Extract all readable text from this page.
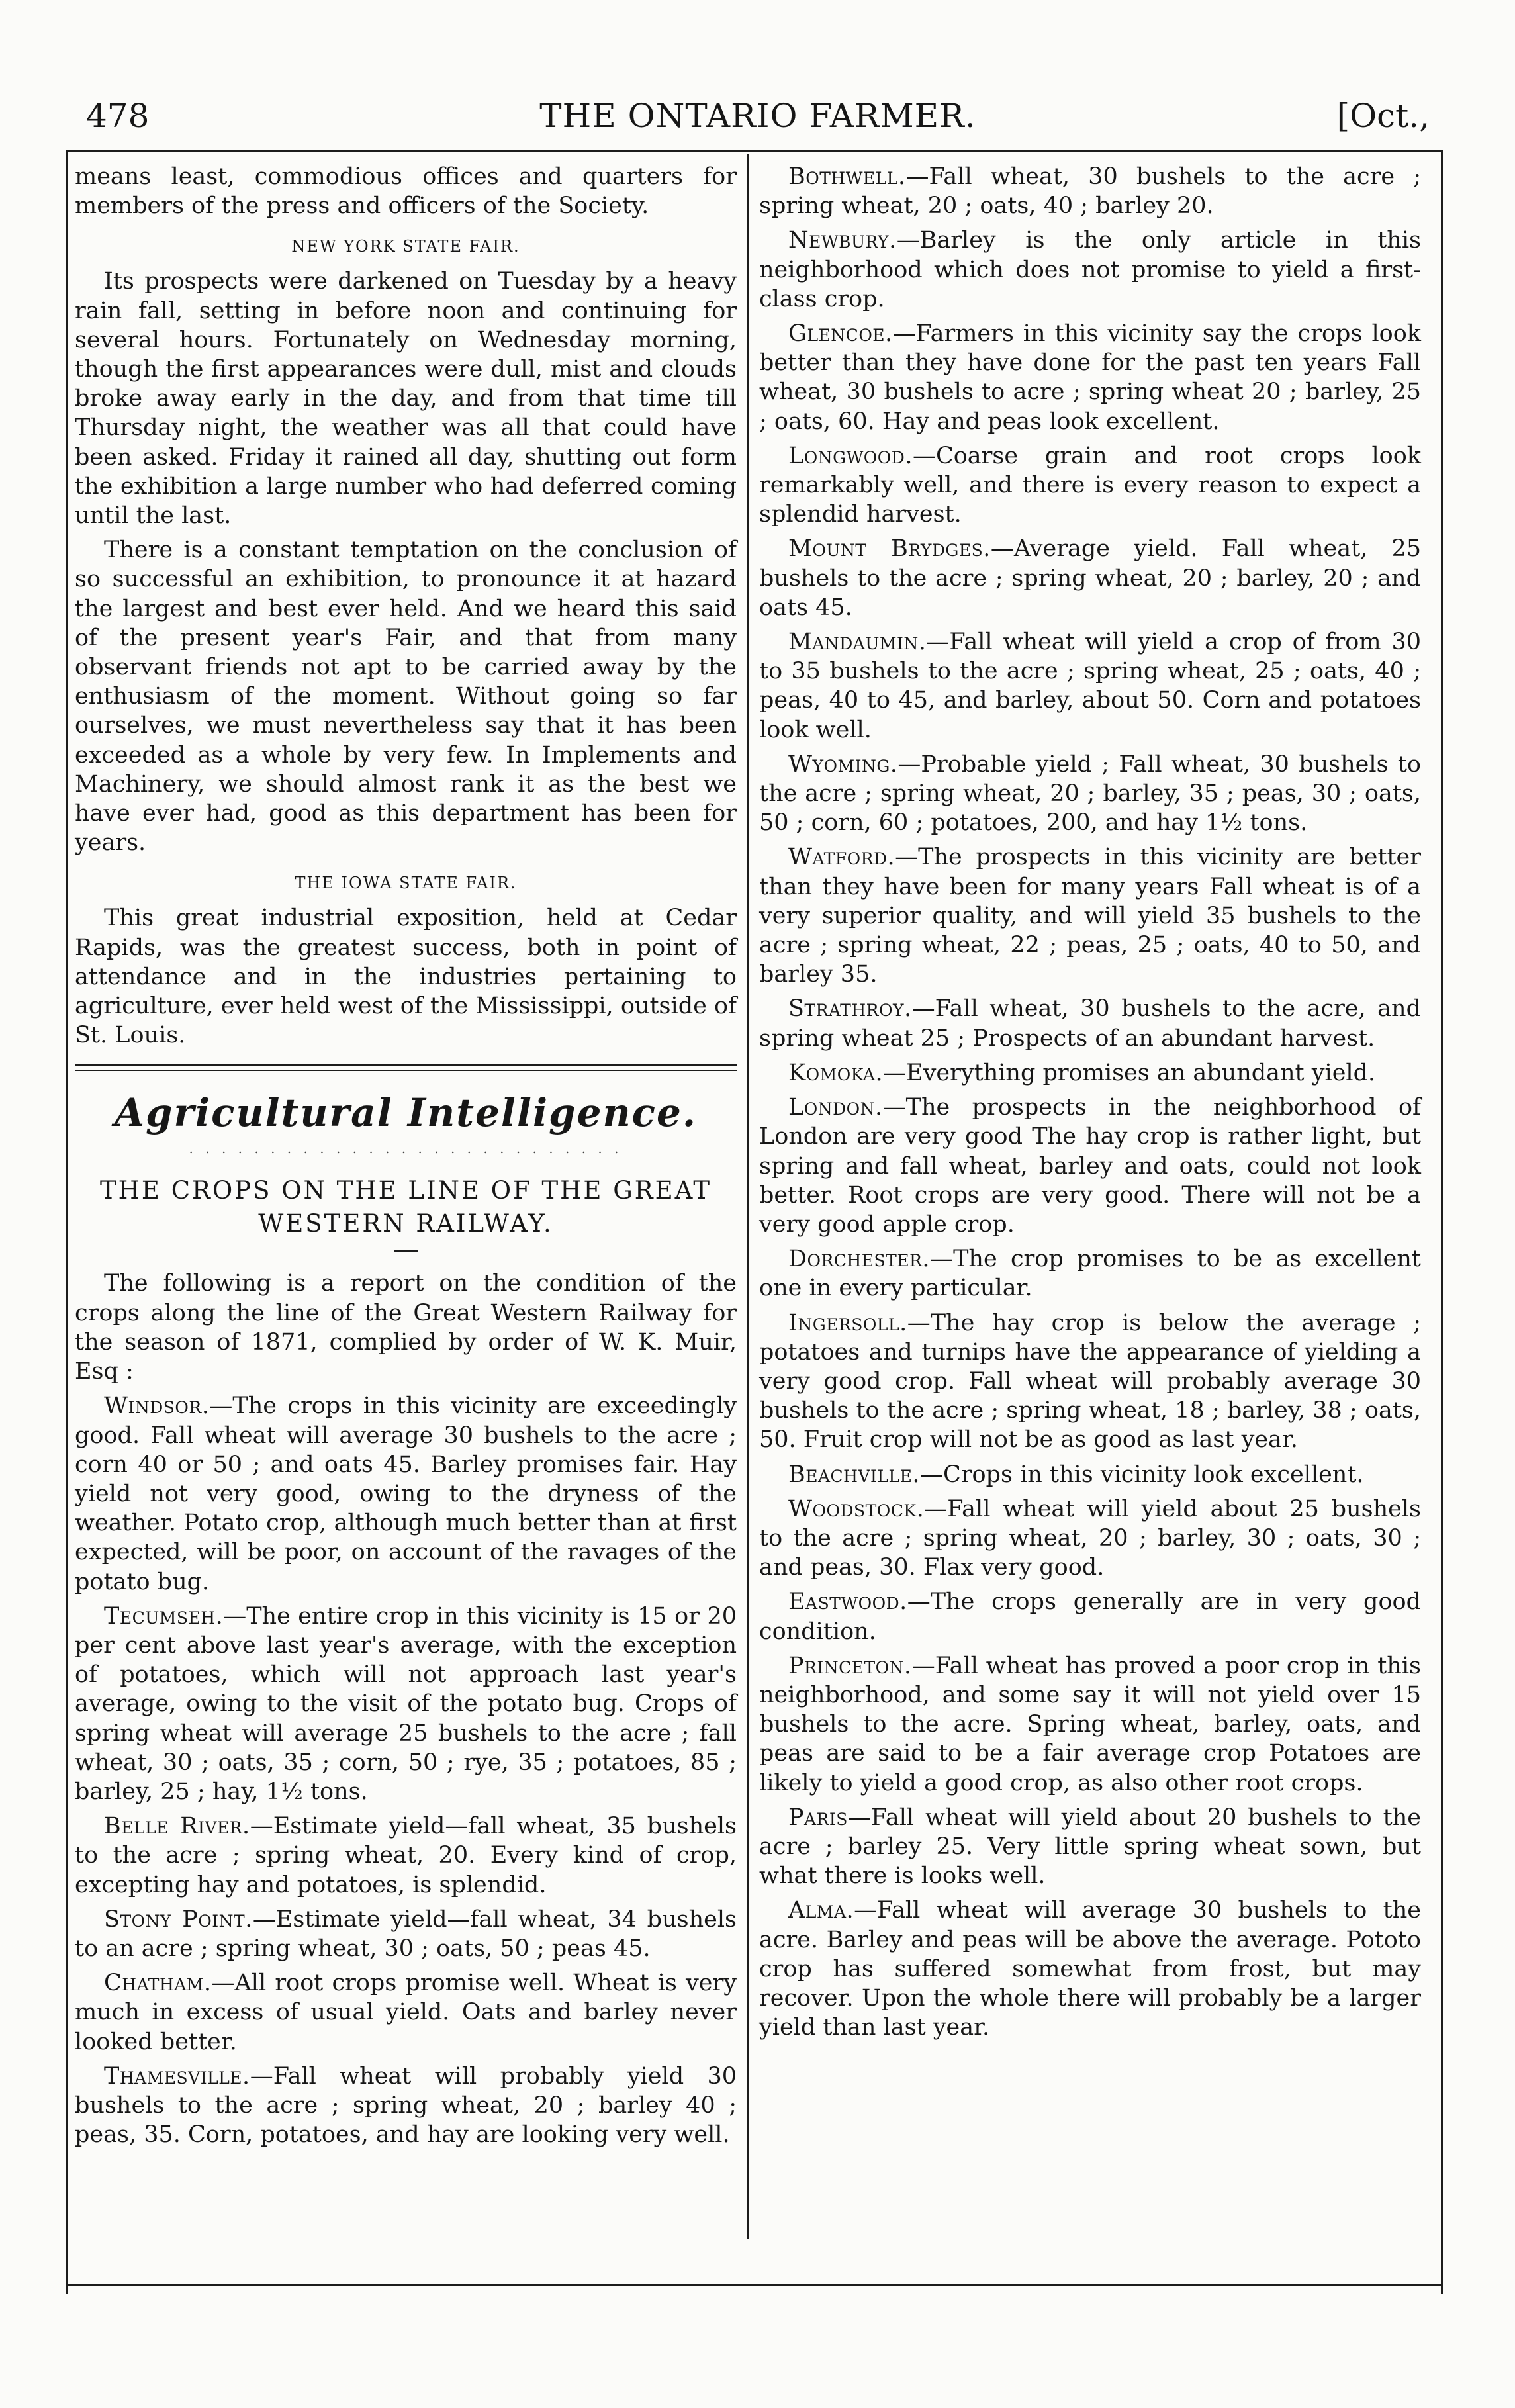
478	THE ONTARIO FARMER.	[Oct.,

means least, commodious offices and quarters for members of the press and officers of the Society.

NEW YORK STATE FAIR.

Its prospects were darkened on Tuesday by a heavy rain fall, setting in before noon and continuing for several hours. Fortunately on Wednesday morning, though the first appearances were dull, mist and clouds broke away early in the day, and from that time till Thursday night, the weather was all that could have been asked. Friday it rained all day, shutting out form the exhibition a large number who had deferred coming until the last.

There is a constant temptation on the conclusion of so successful an exhibition, to pronounce it at hazard the largest and best ever held. And we heard this said of the present year's Fair, and that from many observant friends not apt to be carried away by the enthusiasm of the moment. Without going so far ourselves, we must nevertheless say that it has been exceeded as a whole by very few. In Implements and Machinery, we should almost rank it as the best we have ever had, good as this department has been for years.

THE IOWA STATE FAIR.

This great industrial exposition, held at Cedar Rapids, was the greatest success, both in point of attendance and in the industries pertaining to agriculture, ever held west of the Mississippi, outside of St. Louis.

Agricultural Intelligence.
. . . . . . . . . . . . . . . . . . . . . . . . . . .
THE CROPS ON THE LINE OF THE GREAT WESTERN RAILWAY.

The following is a report on the condition of the crops along the line of the Great Western Railway for the season of 1871, complied by order of W. K. Muir, Esq :

Windsor.—The crops in this vicinity are exceedingly good. Fall wheat will average 30 bushels to the acre ; corn 40 or 50 ; and oats 45. Barley promises fair. Hay yield not very good, owing to the dryness of the weather. Potato crop, although much better than at first expected, will be poor, on account of the ravages of the potato bug.

Tecumseh.—The entire crop in this vicinity is 15 or 20 per cent above last year's average, with the exception of potatoes, which will not approach last year's average, owing to the visit of the potato bug. Crops of spring wheat will average 25 bushels to the acre ; fall wheat, 30 ; oats, 35 ; corn, 50 ; rye, 35 ; potatoes, 85 ; barley, 25 ; hay, 1½ tons.

Belle River.—Estimate yield—fall wheat, 35 bushels to the acre ; spring wheat, 20. Every kind of crop, excepting hay and potatoes, is splendid.

Stony Point.—Estimate yield—fall wheat, 34 bushels to an acre ; spring wheat, 30 ; oats, 50 ; peas 45.

Chatham.—All root crops promise well. Wheat is very much in excess of usual yield. Oats and barley never looked better.

Thamesville.—Fall wheat will probably yield 30 bushels to the acre ; spring wheat, 20 ; barley 40 ; peas, 35. Corn, potatoes, and hay are looking very well.

Bothwell.—Fall wheat, 30 bushels to the acre ; spring wheat, 20 ; oats, 40 ; barley 20.

Newbury.—Barley is the only article in this neighborhood which does not promise to yield a first-class crop.

Glencoe.—Farmers in this vicinity say the crops look better than they have done for the past ten years Fall wheat, 30 bushels to acre ; spring wheat 20 ; barley, 25 ; oats, 60. Hay and peas look excellent.

Longwood.—Coarse grain and root crops look remarkably well, and there is every reason to expect a splendid harvest.

Mount Brydges.—Average yield. Fall wheat, 25 bushels to the acre ; spring wheat, 20 ; barley, 20 ; and oats 45.

Mandaumin.—Fall wheat will yield a crop of from 30 to 35 bushels to the acre ; spring wheat, 25 ; oats, 40 ; peas, 40 to 45, and barley, about 50. Corn and potatoes look well.

Wyoming.—Probable yield ; Fall wheat, 30 bushels to the acre ; spring wheat, 20 ; barley, 35 ; peas, 30 ; oats, 50 ; corn, 60 ; potatoes, 200, and hay 1½ tons.

Watford.—The prospects in this vicinity are better than they have been for many years Fall wheat is of a very superior quality, and will yield 35 bushels to the acre ; spring wheat, 22 ; peas, 25 ; oats, 40 to 50, and barley 35.

Strathroy.—Fall wheat, 30 bushels to the acre, and spring wheat 25 ; Prospects of an abundant harvest.

Komoka.—Everything promises an abundant yield.

London.—The prospects in the neighborhood of London are very good The hay crop is rather light, but spring and fall wheat, barley and oats, could not look better. Root crops are very good. There will not be a very good apple crop.

Dorchester.—The crop promises to be as excellent one in every particular.

Ingersoll.—The hay crop is below the average ; potatoes and turnips have the appearance of yielding a very good crop. Fall wheat will probably average 30 bushels to the acre ; spring wheat, 18 ; barley, 38 ; oats, 50. Fruit crop will not be as good as last year.

Beachville.—Crops in this vicinity look excellent.

Woodstock.—Fall wheat will yield about 25 bushels to the acre ; spring wheat, 20 ; barley, 30 ; oats, 30 ; and peas, 30. Flax very good.

Eastwood.—The crops generally are in very good condition.

Princeton.—Fall wheat has proved a poor crop in this neighborhood, and some say it will not yield over 15 bushels to the acre. Spring wheat, barley, oats, and peas are said to be a fair average crop Potatoes are likely to yield a good crop, as also other root crops.

Paris—Fall wheat will yield about 20 bushels to the acre ; barley 25. Very little spring wheat sown, but what there is looks well.

Alma.—Fall wheat will average 30 bushels to the acre. Barley and peas will be above the average. Pototo crop has suffered somewhat from frost, but may recover. Upon the whole there will probably be a larger yield than last year.
